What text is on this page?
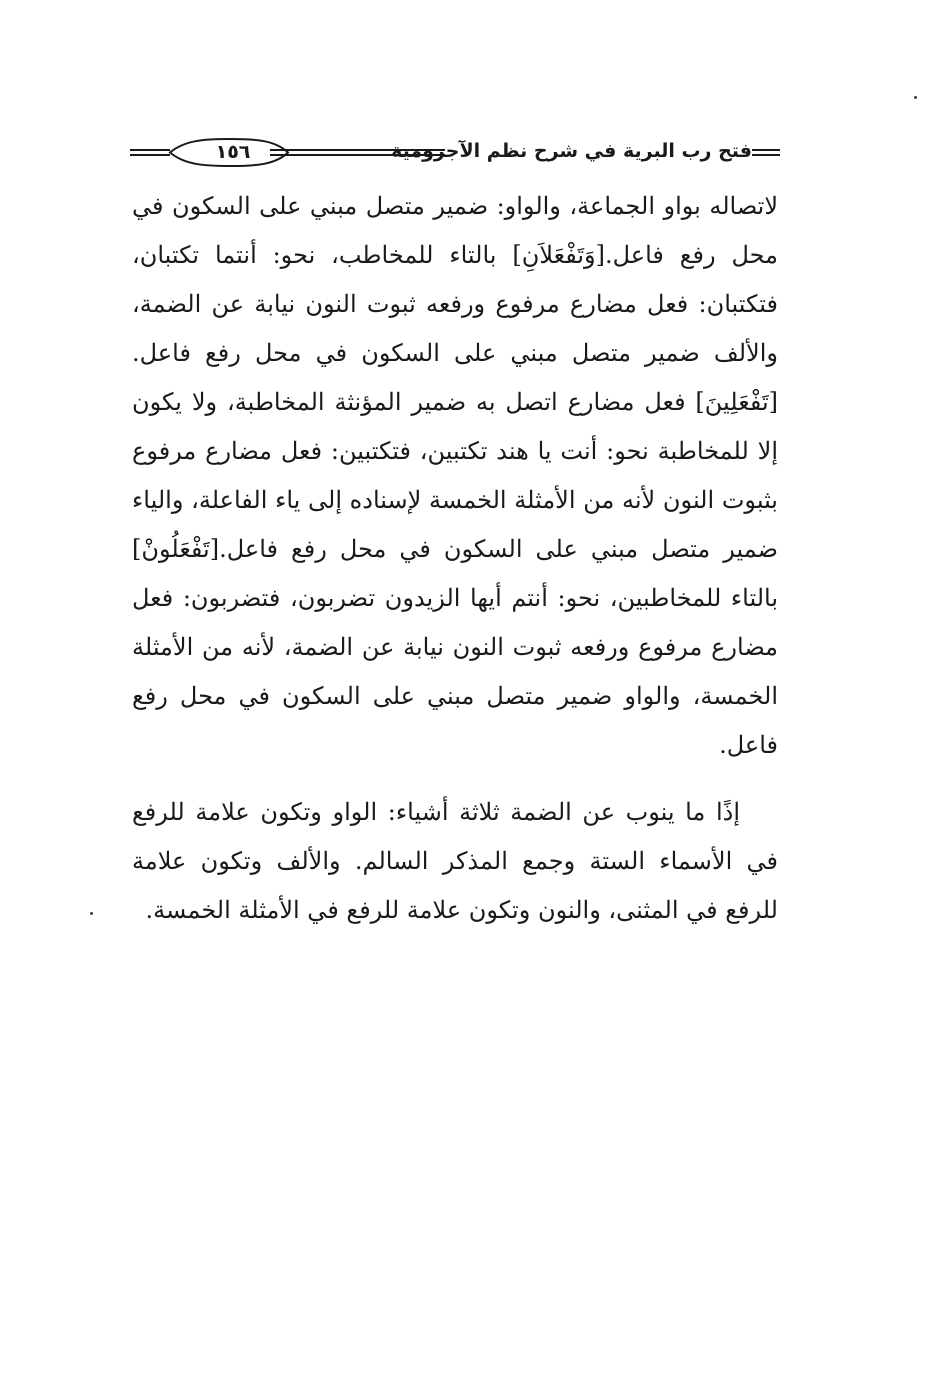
فتح رب البرية في شرح نظم الآجرومية
١٥٦

لاتصاله بواو الجماعة، والواو: ضمير متصل مبني على السكون في محل رفع فاعل.[وَتَفْعَلاَنِ] بالتاء للمخاطب، نحو: أنتما تكتبان، فتكتبان: فعل مضارع مرفوع ورفعه ثبوت النون نيابة عن الضمة، والألف ضمير متصل مبني على السكون في محل رفع فاعل.[تَفْعَلِينَ] فعل مضارع اتصل به ضمير المؤنثة المخاطبة، ولا يكون إلا للمخاطبة نحو: أنت يا هند تكتبين، فتكتبين: فعل مضارع مرفوع بثبوت النون لأنه من الأمثلة الخمسة لإسناده إلى ياء الفاعلة، والياء ضمير متصل مبني على السكون في محل رفع فاعل.[تَفْعَلُونْ] بالتاء للمخاطبين، نحو: أنتم أيها الزيدون تضربون، فتضربون: فعل مضارع مرفوع ورفعه ثبوت النون نيابة عن الضمة، لأنه من الأمثلة الخمسة، والواو ضمير متصل مبني على السكون في محل رفع فاعل.

إذًا ما ينوب عن الضمة ثلاثة أشياء: الواو وتكون علامة للرفع في الأسماء الستة وجمع المذكر السالم. والألف وتكون علامة للرفع في المثنى، والنون وتكون علامة للرفع في الأمثلة الخمسة.
